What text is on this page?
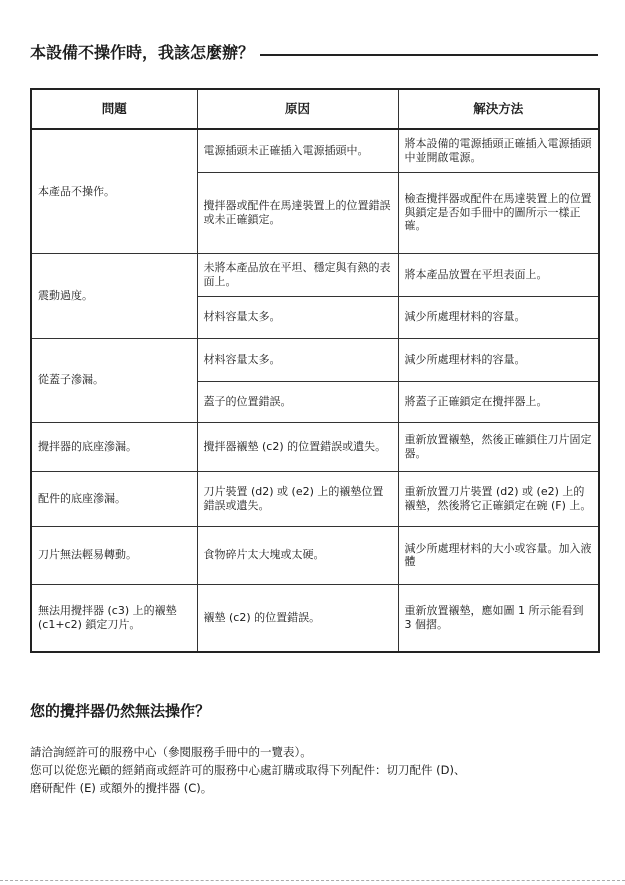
本設備不操作時，我該怎麼辦？
問題	原因	解決方法
本產品不操作。	電源插頭未正確插入電源插頭中。	將本設備的電源插頭正確插入電源插頭中並開啟電源。
	攪拌器或配件在馬達裝置上的位置錯誤或未正確鎖定。	檢查攪拌器或配件在馬達裝置上的位置與鎖定是否如手冊中的圖所示一樣正確。
震動過度。	未將本產品放在平坦、穩定與有熱的表面上。	將本產品放置在平坦表面上。
	材料容量太多。	減少所處理材料的容量。
從蓋子滲漏。	材料容量太多。	減少所處理材料的容量。
	蓋子的位置錯誤。	將蓋子正確鎖定在攪拌器上。
攪拌器的底座滲漏。	攪拌器襯墊 (c2) 的位置錯誤或遺失。	重新放置襯墊，然後正確鎖住刀片固定器。
配件的底座滲漏。	刀片裝置 (d2) 或 (e2) 上的襯墊位置錯誤或遺失。	重新放置刀片裝置 (d2) 或 (e2) 上的襯墊，然後將它正確鎖定在碗 (F) 上。
刀片無法輕易轉動。	食物碎片太大塊或太硬。	減少所處理材料的大小或容量。加入液體
無法用攪拌器 (c3) 上的襯墊 (c1+c2) 鎖定刀片。	襯墊 (c2) 的位置錯誤。	重新放置襯墊，應如圖 1 所示能看到 3 個摺。
您的攪拌器仍然無法操作？

請洽詢經許可的服務中心（參閱服務手冊中的一覽表）。

您可以從您光顧的經銷商或經許可的服務中心處訂購或取得下列配件：切刀配件 (D)、

磨研配件 (E) 或額外的攪拌器 (C)。
